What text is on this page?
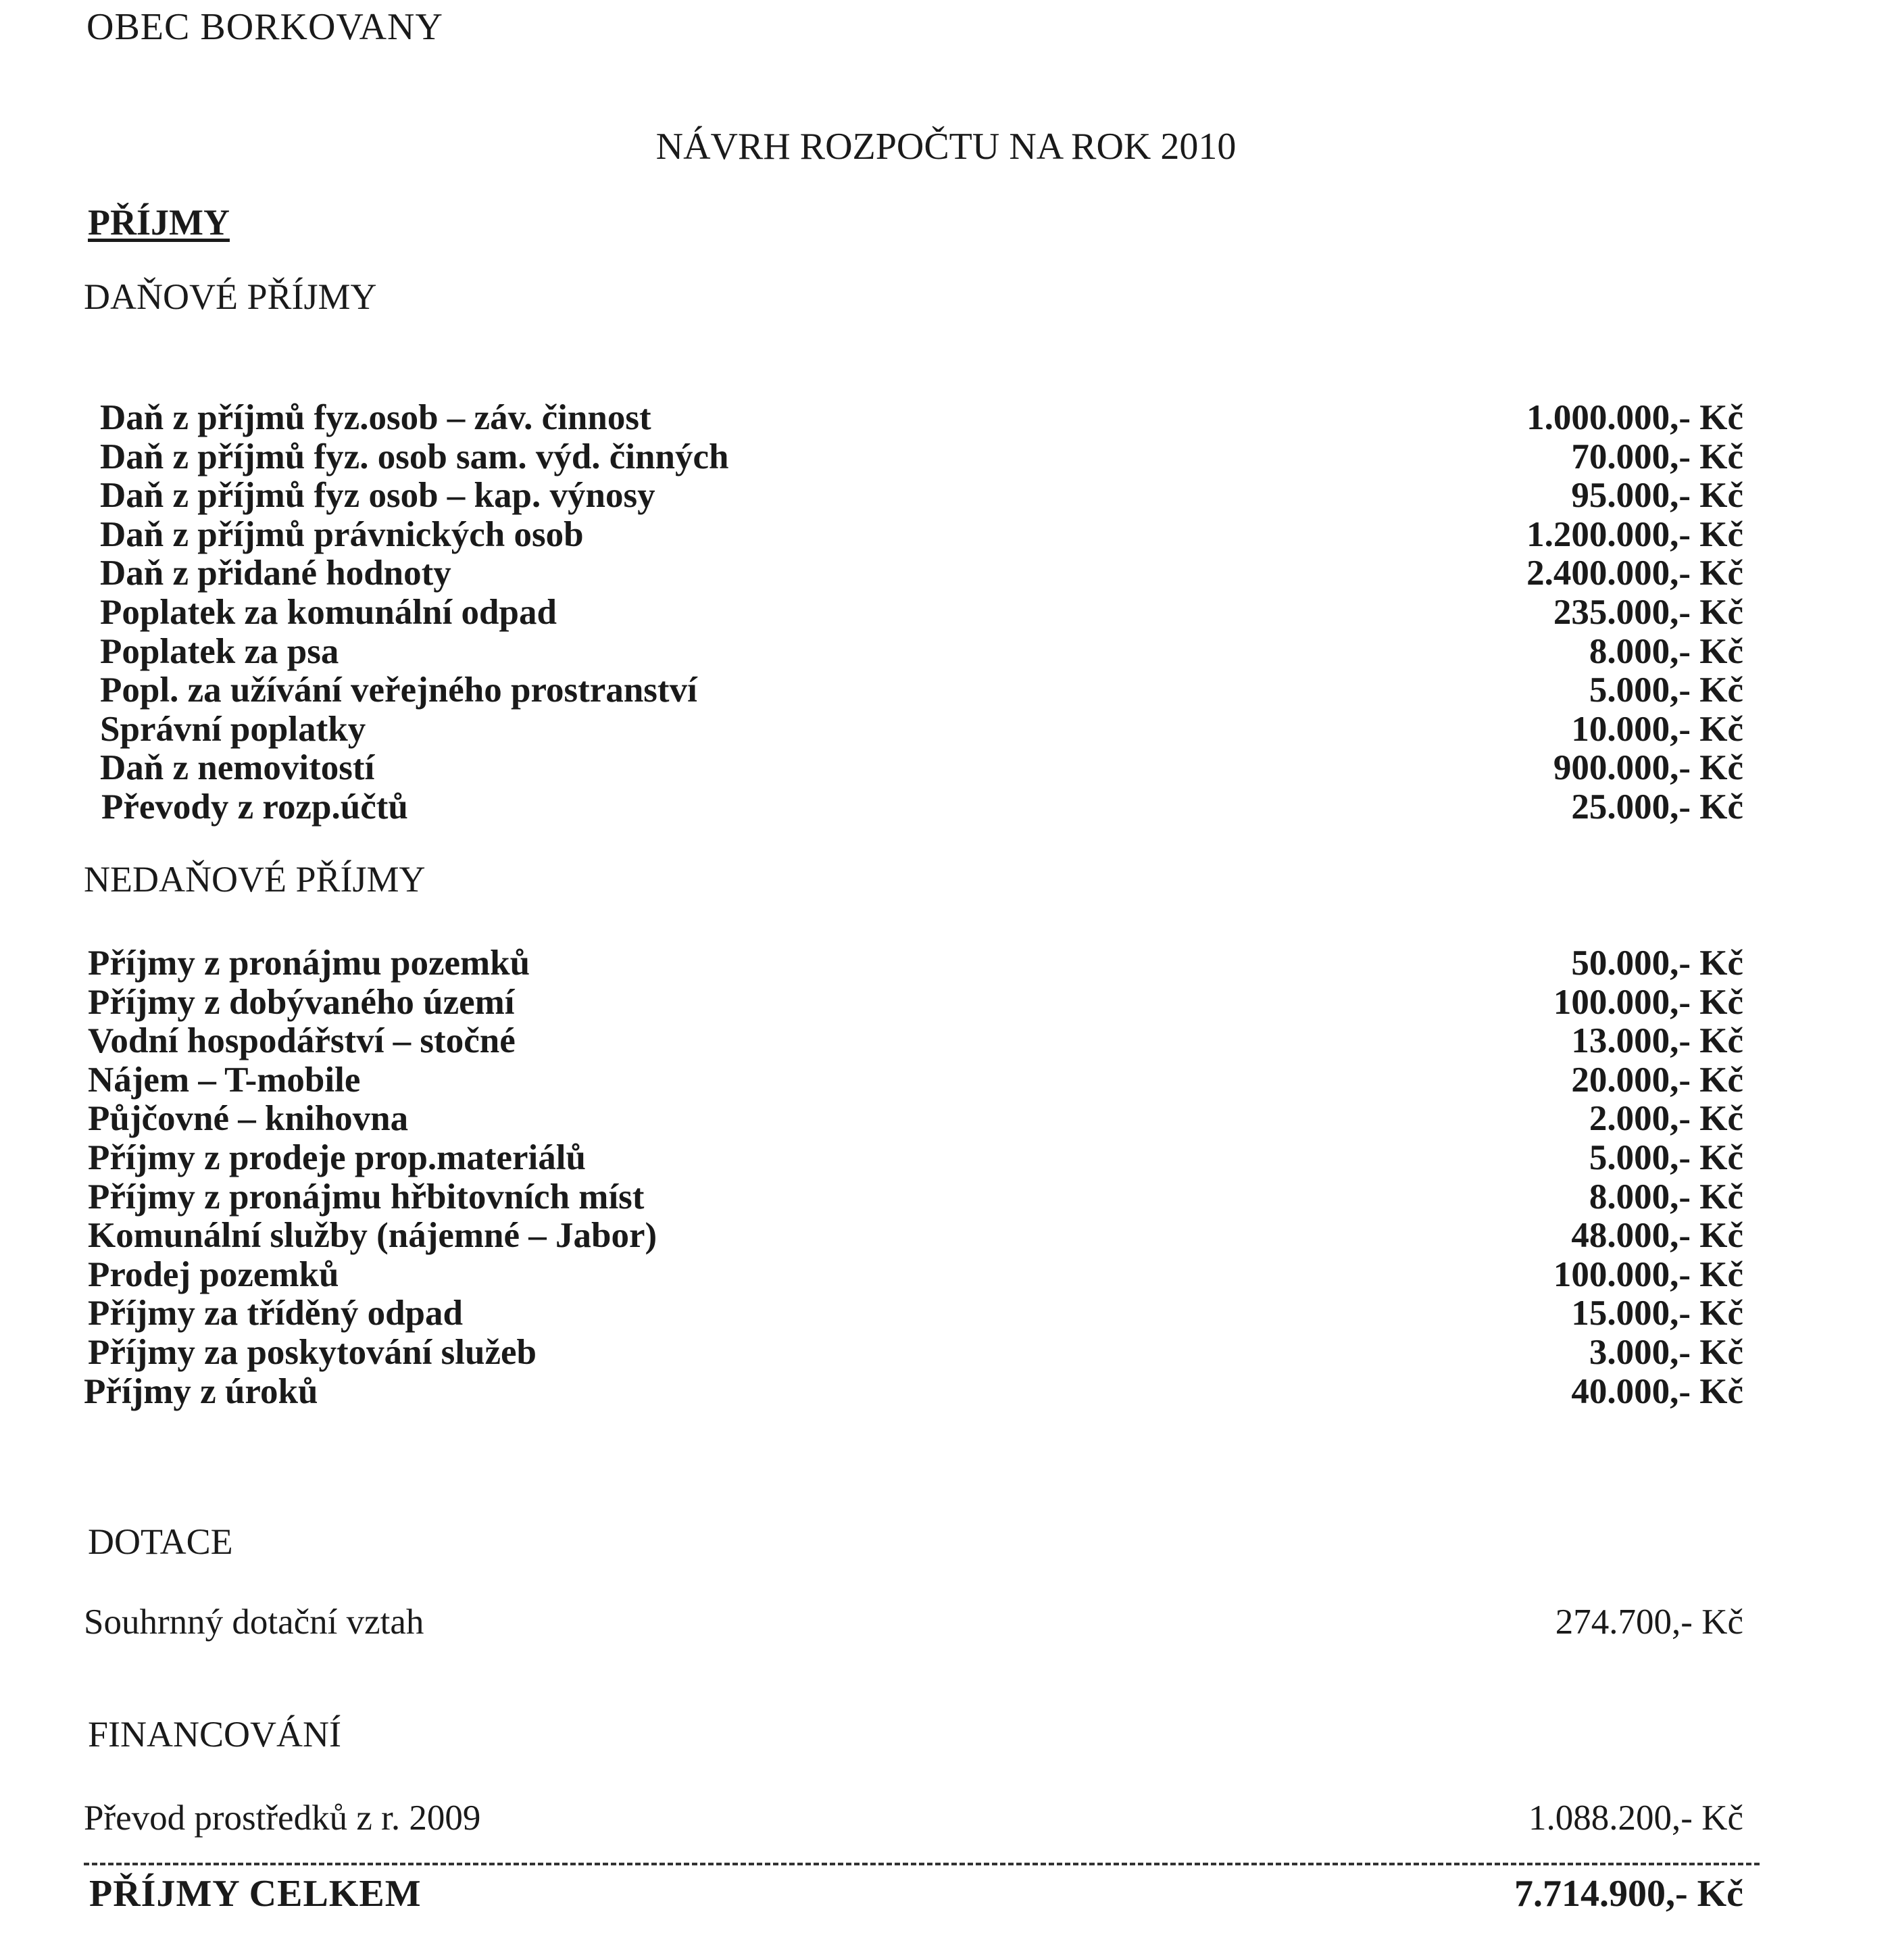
OBEC BORKOVANY
NÁVRH ROZPOČTU NA ROK 2010
PŘÍJMY
DAŇOVÉ PŘÍJMY
Daň z příjmů fyz.osob – záv. činnost	1.000.000,- Kč
Daň z příjmů fyz. osob sam. výd. činných	70.000,- Kč
Daň z příjmů fyz osob – kap. výnosy	95.000,- Kč
Daň z příjmů právnických osob	1.200.000,- Kč
Daň z přidané hodnoty	2.400.000,- Kč
Poplatek za komunální odpad	235.000,- Kč
Poplatek za psa	8.000,- Kč
Popl. za užívání veřejného prostranství	5.000,- Kč
Správní poplatky	10.000,- Kč
Daň z nemovitostí	900.000,- Kč
Převody z rozp.účtů	25.000,- Kč
NEDAŇOVÉ PŘÍJMY
Příjmy z pronájmu pozemků	50.000,- Kč
Příjmy z dobývaného území	100.000,- Kč
Vodní hospodářství – stočné	13.000,- Kč
Nájem – T-mobile	20.000,- Kč
Půjčovné – knihovna	2.000,- Kč
Příjmy z prodeje prop.materiálů	5.000,- Kč
Příjmy z pronájmu hřbitovních míst	8.000,- Kč
Komunální služby (nájemné – Jabor)	48.000,- Kč
Prodej pozemků	100.000,- Kč
Příjmy za tříděný odpad	15.000,- Kč
Příjmy za poskytování služeb	3.000,- Kč
Příjmy z úroků	40.000,- Kč
DOTACE
Souhrnný dotační vztah	274.700,- Kč
FINANCOVÁNÍ
Převod prostředků z r. 2009	1.088.200,- Kč
PŘÍJMY CELKEM	7.714.900,- Kč
